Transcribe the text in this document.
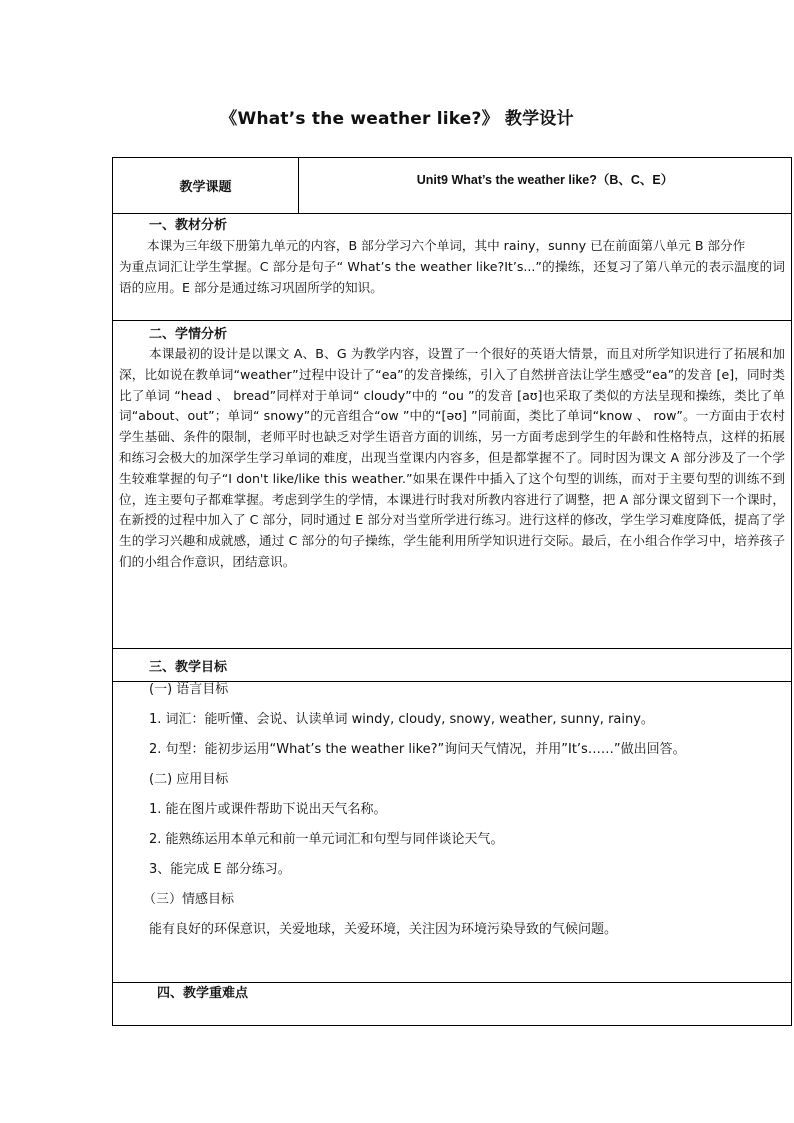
《What’s the weather like?》 教学设计
教学课题	Unit9 What’s the weather like?（B、C、E）
一、教材分析
本课为三年级下册第九单元的内容，B 部分学习六个单词，其中 rainy，sunny 已在前面第八单元 B 部分作
为重点词汇让学生掌握。C 部分是句子“ What’s the weather like?It’s...”的操练，还复习了第八单元的表示温度的词语的应用。E 部分是通过练习巩固所学的知识。
二、学情分析
本课最初的设计是以课文 A、B、G 为教学内容，设置了一个很好的英语大情景，而且对所学知识进行了拓展和加深，比如说在教单词“weather”过程中设计了“ea”的发音操练，引入了自然拼音法让学生感受“ea”的发音 [e]，同时类比了单词 “head 、 bread”同样对于单词“ cloudy”中的 “ou ”的发音 [aʊ]也采取了类似的方法呈现和操练，类比了单词“about、out”；单词“ snowy”的元音组合“ow ”中的“[əʊ] ”同前面，类比了单词“know 、 row”。一方面由于农村学生基础、条件的限制，老师平时也缺乏对学生语音方面的训练，另一方面考虑到学生的年龄和性格特点，这样的拓展和练习会极大的加深学生学习单词的难度，出现当堂课内内容多，但是都掌握不了。同时因为课文 A 部分涉及了一个学生较难掌握的句子“I don't like/like this weather.”如果在课件中插入了这个句型的训练，而对于主要句型的训练不到位，连主要句子都难掌握。考虑到学生的学情，本课进行时我对所教内容进行了调整，把 A 部分课文留到下一个课时，在新授的过程中加入了 C 部分，同时通过 E 部分对当堂所学进行练习。进行这样的修改，学生学习难度降低，提高了学生的学习兴趣和成就感，通过 C 部分的句子操练，学生能利用所学知识进行交际。最后，在小组合作学习中，培养孩子们的小组合作意识，团结意识。
三、教学目标
(一) 语言目标
1. 词汇：能听懂、会说、认读单词 windy, cloudy, snowy, weather, sunny, rainy。
2. 句型：能初步运用“What’s the weather like?”询问天气情况，并用”It’s……”做出回答。
(二) 应用目标
1. 能在图片或课件帮助下说出天气名称。
2. 能熟练运用本单元和前一单元词汇和句型与同伴谈论天气。
3、能完成 E 部分练习。
（三）情感目标
能有良好的环保意识，关爱地球，关爱环境，关注因为环境污染导致的气候问题。
四、教学重难点
